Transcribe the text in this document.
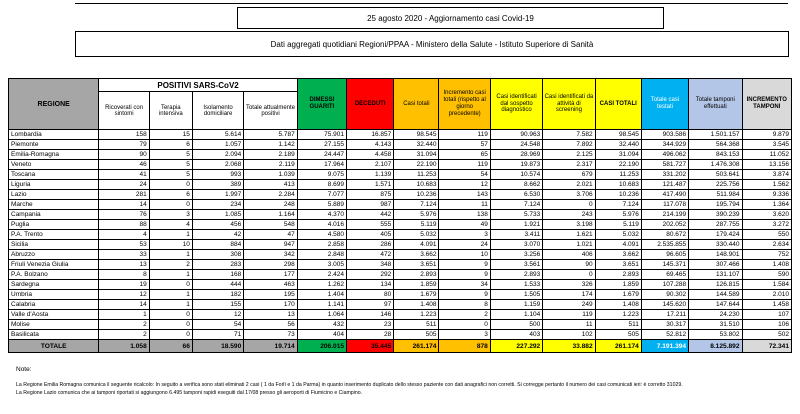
25 agosto 2020 - Aggiornamento casi Covid-19
Dati aggregati quotidiani Regioni/PPAA - Ministero della Salute - Istituto Superiore di Sanità
REGIONE	POSITIVI SARS-CoV2				DIMESSI GUARITI	DECEDUTI	Casi totali	Incremento casi totali (rispetto al giorno precedente)	Casi identificati dal sospetto diagnostico	Casi identificati da attività di screening	CASI TOTALI	Totale casi testati	Totale tamponi effettuati	INCREMENTO TAMPONI
	Ricoverati con sintomi	Terapia intensiva	Isolamento domiciliare	Totale attualmente positivi										
Lombardia	158	15	5.614	5.787	75.901	16.857	98.545	119	90.963	7.582	98.545	903.586	1.501.157	9.879
Piemonte	79	6	1.057	1.142	27.155	4.143	32.440	57	24.548	7.892	32.440	344.929	564.368	3.545
Emilia-Romagna	90	5	2.094	2.189	24.447	4.458	31.094	65	28.969	2.125	31.094	496.062	843.153	11.052
Veneto	46	5	2.068	2.119	17.964	2.107	22.190	119	19.873	2.317	22.190	581.727	1.476.308	13.156
Toscana	41	5	993	1.039	9.075	1.139	11.253	54	10.574	679	11.253	331.202	503.641	3.874
Liguria	24	0	389	413	8.699	1.571	10.683	12	8.662	2.021	10.683	121.487	225.756	1.562
Lazio	281	6	1.997	2.284	7.077	875	10.236	143	6.530	3.706	10.236	417.490	511.984	9.336
Marche	14	0	234	248	5.889	987	7.124	11	7.124	0	7.124	117.078	195.794	1.364
Campania	76	3	1.085	1.164	4.370	442	5.976	138	5.733	243	5.976	214.199	390.239	3.620
Puglia	88	4	456	548	4.016	555	5.119	49	1.921	3.198	5.119	202.052	287.755	3.272
P.A. Trento	4	1	42	47	4.580	405	5.032	3	3.411	1.621	5.032	80.672	179.424	550
Sicilia	53	10	884	947	2.858	286	4.091	24	3.070	1.021	4.091	2.535.855	330.440	2.634
Abruzzo	33	1	308	342	2.848	472	3.662	10	3.256	406	3.662	96.605	148.901	752
Friuli Venezia Giulia	13	2	283	298	3.005	348	3.651	9	3.561	90	3.651	145.371	307.466	1.408
P.A. Bolzano	8	1	168	177	2.424	292	2.893	9	2.893	0	2.893	69.465	131.107	590
Sardegna	19	0	444	463	1.262	134	1.859	34	1.533	326	1.859	107.288	126.815	1.584
Umbria	12	1	182	195	1.404	80	1.679	9	1.505	174	1.679	90.302	144.589	2.010
Calabria	14	1	155	170	1.141	97	1.408	8	1.159	249	1.408	145.620	147.644	1.458
Valle d'Aosta	1	0	12	13	1.064	146	1.223	2	1.104	119	1.223	17.211	24.230	107
Molise	2	0	54	56	432	23	511	0	500	11	511	30.317	31.510	106
Basilicata	2	0	71	73	404	28	505	3	403	102	505	52.812	53.802	502
TOTALE	1.058	66	18.590	19.714	206.015	35.445	261.174	878	227.292	33.882	261.174	7.191.394	8.125.892	72.341
Note:
La Regione Emilia Romagna comunica il seguente ricalcolo: In seguito a verifica sono stati eliminati 2 casi ( 1 da Forlì e 1 da Parma) in quanto inserimento duplicato dello stesso paziente con dati anagrafici non corretti. Si corregge pertanto il numero dei casi comunicati ieri: è corretto 31029.
La Regione Lazio comunica che ai tamponi riportati si aggiungono 6.495 tamponi rapidi eseguiti dal 17/08 presso gli aeroporti di Fiumicino e Ciampino.
